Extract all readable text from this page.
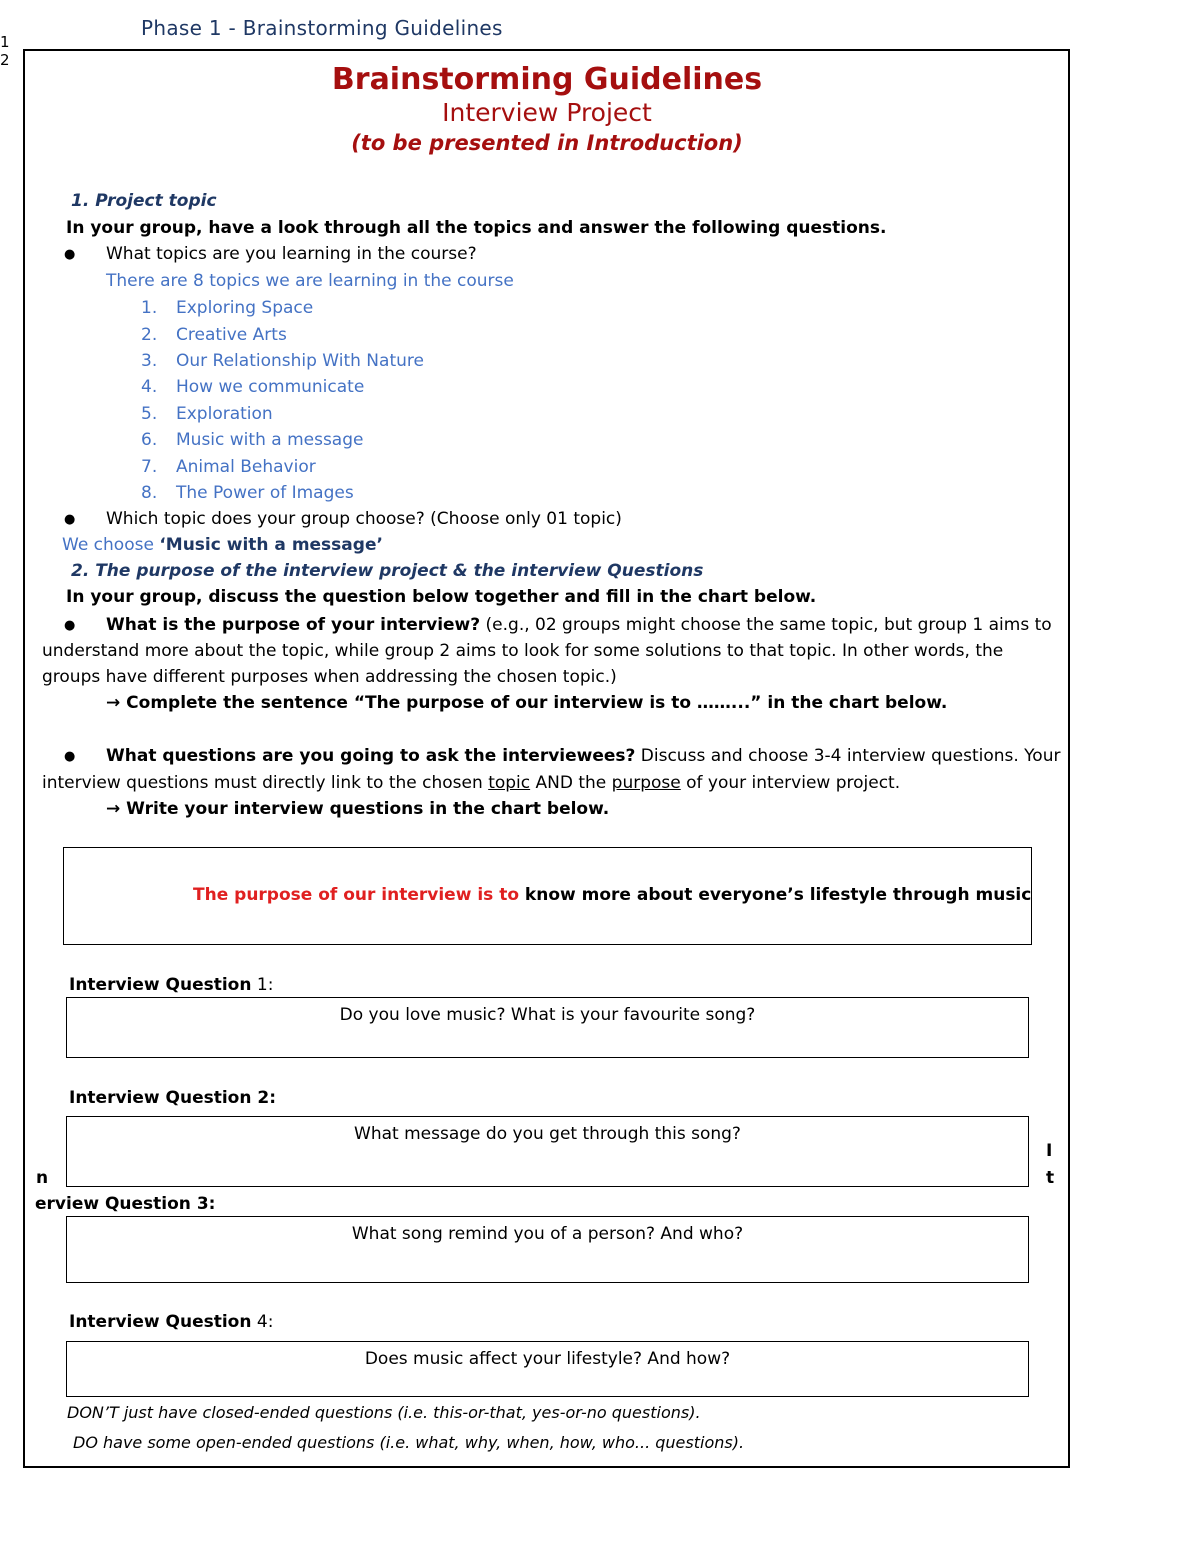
1
2
Phase 1 - Brainstorming Guidelines
Brainstorming Guidelines
Interview Project
(to be presented in Introduction)
1. Project topic
In your group, have a look through all the topics and answer the following questions.
● What topics are you learning in the course?
There are 8 topics we are learning in the course
1. Exploring Space
2. Creative Arts
3. Our Relationship With Nature
4. How we communicate
5. Exploration
6. Music with a message
7. Animal Behavior
8. The Power of Images
● Which topic does your group choose? (Choose only 01 topic)
We choose ‘Music with a message’
2. The purpose of the interview project & the interview Questions
In your group, discuss the question below together and fill in the chart below.
● What is the purpose of your interview? (e.g., 02 groups might choose the same topic, but group 1 aims to
understand more about the topic, while group 2 aims to look for some solutions to that topic. In other words, the
groups have different purposes when addressing the chosen topic.)
→ Complete the sentence “The purpose of our interview is to ……...” in the chart below.
● What questions are you going to ask the interviewees? Discuss and choose 3-4 interview questions. Your
interview questions must directly link to the chosen topic AND the purpose of your interview project.
→ Write your interview questions in the chart below.
The purpose of our interview is to know more about everyone’s lifestyle through music
Interview Question 1:
Do you love music? What is your favourite song?
Interview Question 2:
What message do you get through this song?
n
I
t
erview Question 3:
What song remind you of a person? And who?
Interview Question 4:
Does music affect your lifestyle? And how?
DON’T just have closed-ended questions (i.e. this-or-that, yes-or-no questions).
DO have some open-ended questions (i.e. what, why, when, how, who... questions).
